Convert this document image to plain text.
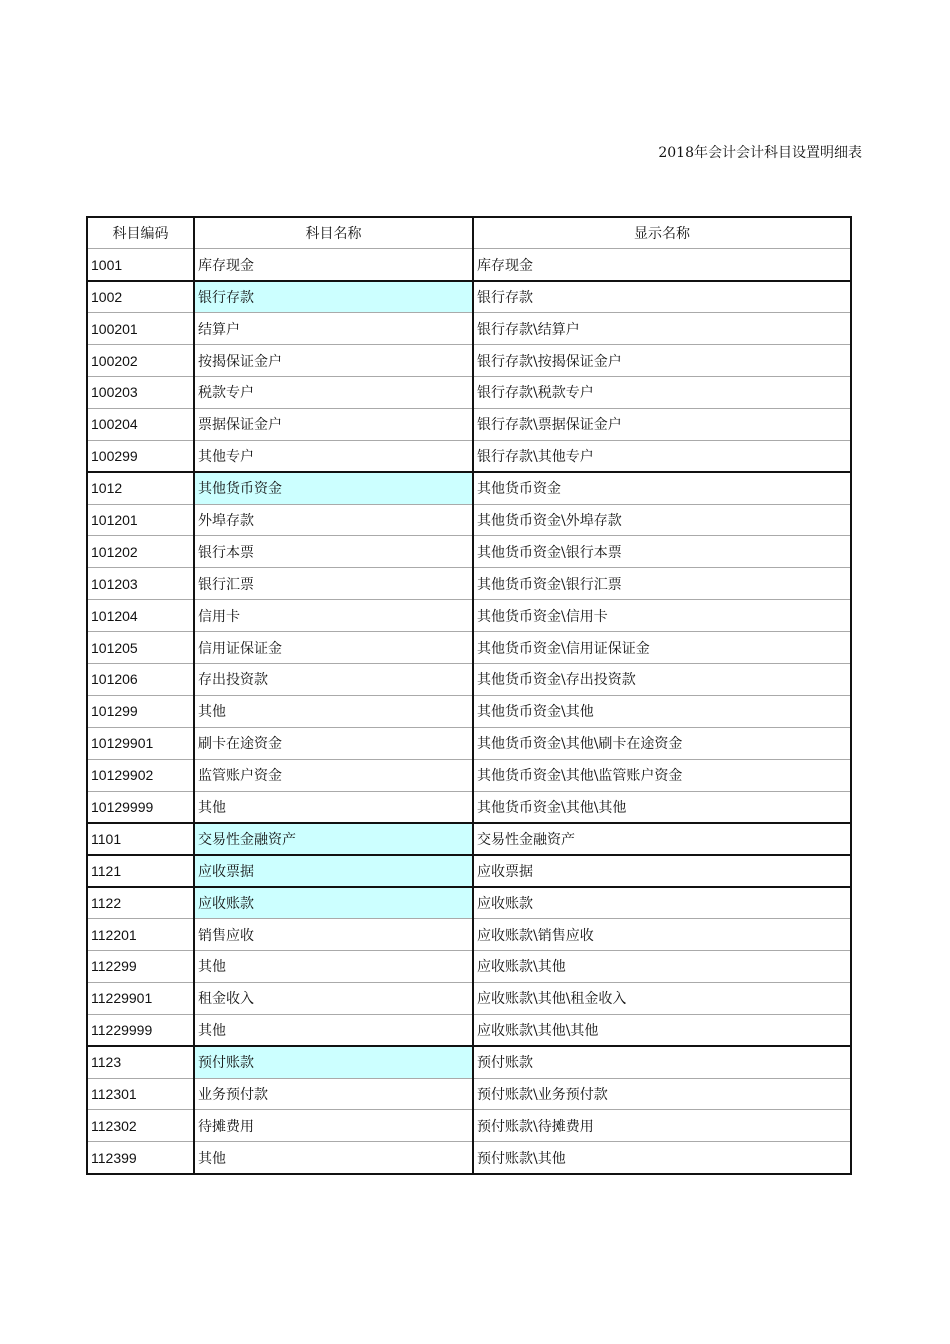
2018年会计会计科目设置明细表
科目编码	科目名称	显示名称
1001	库存现金	库存现金
1002	银行存款	银行存款
100201	结算户	银行存款\结算户
100202	按揭保证金户	银行存款\按揭保证金户
100203	税款专户	银行存款\税款专户
100204	票据保证金户	银行存款\票据保证金户
100299	其他专户	银行存款\其他专户
1012	其他货币资金	其他货币资金
101201	外埠存款	其他货币资金\外埠存款
101202	银行本票	其他货币资金\银行本票
101203	银行汇票	其他货币资金\银行汇票
101204	信用卡	其他货币资金\信用卡
101205	信用证保证金	其他货币资金\信用证保证金
101206	存出投资款	其他货币资金\存出投资款
101299	其他	其他货币资金\其他
10129901	刷卡在途资金	其他货币资金\其他\刷卡在途资金
10129902	监管账户资金	其他货币资金\其他\监管账户资金
10129999	其他	其他货币资金\其他\其他
1101	交易性金融资产	交易性金融资产
1121	应收票据	应收票据
1122	应收账款	应收账款
112201	销售应收	应收账款\销售应收
112299	其他	应收账款\其他
11229901	租金收入	应收账款\其他\租金收入
11229999	其他	应收账款\其他\其他
1123	预付账款	预付账款
112301	业务预付款	预付账款\业务预付款
112302	待摊费用	预付账款\待摊费用
112399	其他	预付账款\其他
